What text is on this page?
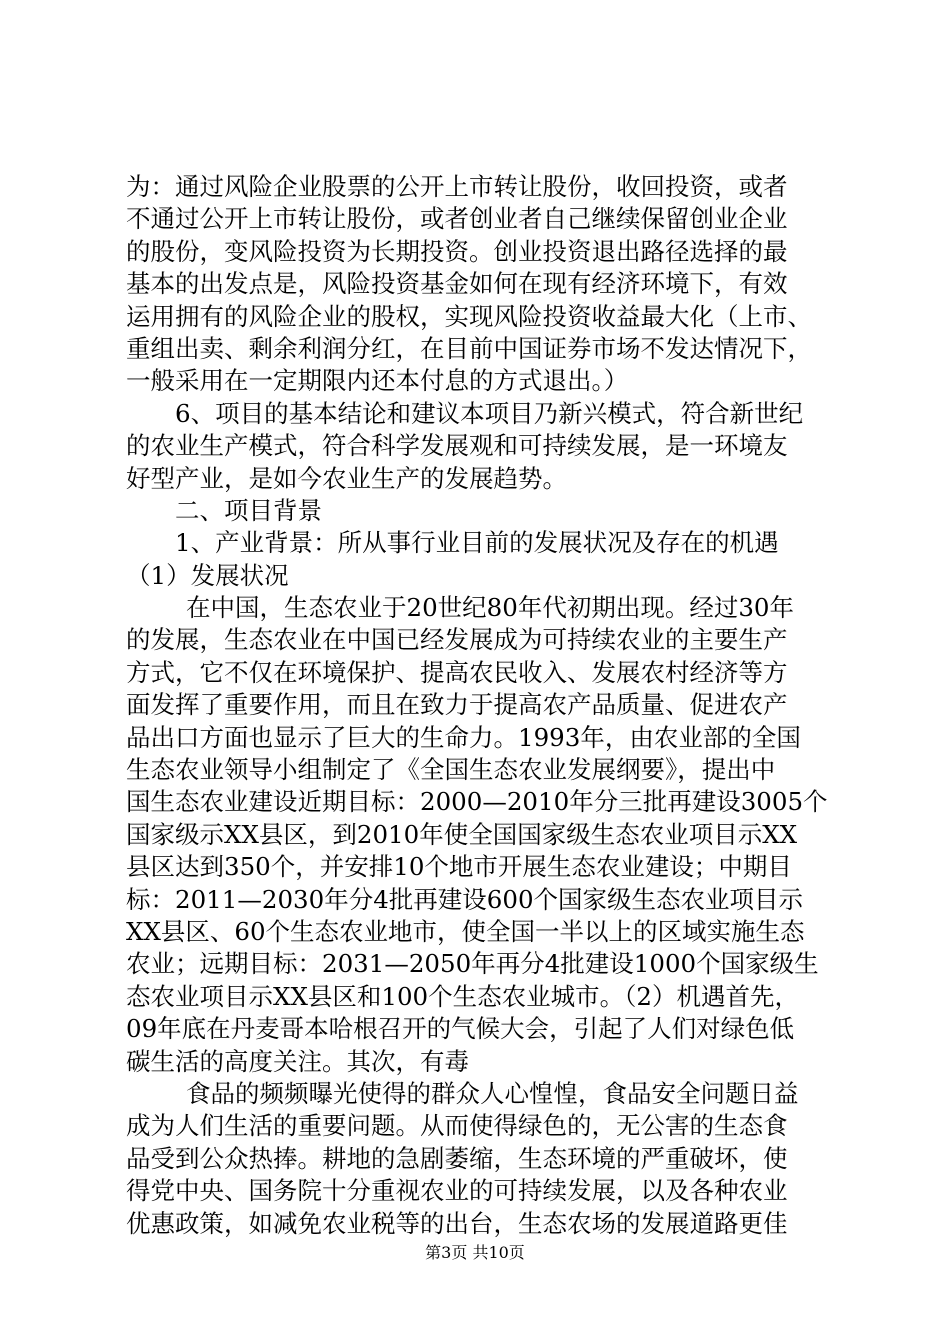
为：通过风险企业股票的公开上市转让股份，收回投资，或者
不通过公开上市转让股份，或者创业者自己继续保留创业企业
的股份，变风险投资为长期投资。创业投资退出路径选择的最
基本的出发点是，风险投资基金如何在现有经济环境下，有效
运用拥有的风险企业的股权，实现风险投资收益最大化（上市、
重组出卖、剩余利润分红，在目前中国证券市场不发达情况下，
一般采用在一定期限内还本付息的方式退出。）
6、项目的基本结论和建议本项目乃新兴模式，符合新世纪
的农业生产模式，符合科学发展观和可持续发展，是一环境友
好型产业，是如今农业生产的发展趋势。
二、项目背景
1、产业背景：所从事行业目前的发展状况及存在的机遇
（1）发展状况
在中国，生态农业于20世纪80年代初期出现。经过30年
的发展，生态农业在中国已经发展成为可持续农业的主要生产
方式，它不仅在环境保护、提高农民收入、发展农村经济等方
面发挥了重要作用，而且在致力于提高农产品质量、促进农产
品出口方面也显示了巨大的生命力。1993年，由农业部的全国
生态农业领导小组制定了《全国生态农业发展纲要》，提出中
国生态农业建设近期目标：2000—2010年分三批再建设3005个
国家级示XX县区，到2010年使全国国家级生态农业项目示XX
县区达到350个，并安排10个地市开展生态农业建设；中期目
标：2011—2030年分4批再建设600个国家级生态农业项目示
XX县区、60个生态农业地市，使全国一半以上的区域实施生态
农业；远期目标：2031—2050年再分4批建设1000个国家级生
态农业项目示XX县区和100个生态农业城市。（2）机遇首先，
09年底在丹麦哥本哈根召开的气候大会，引起了人们对绿色低
碳生活的高度关注。其次，有毒
食品的频频曝光使得的群众人心惶惶，食品安全问题日益
成为人们生活的重要问题。从而使得绿色的，无公害的生态食
品受到公众热捧。耕地的急剧萎缩，生态环境的严重破坏，使
得党中央、国务院十分重视农业的可持续发展，以及各种农业
优惠政策，如减免农业税等的出台，生态农场的发展道路更佳
第3页 共10页
